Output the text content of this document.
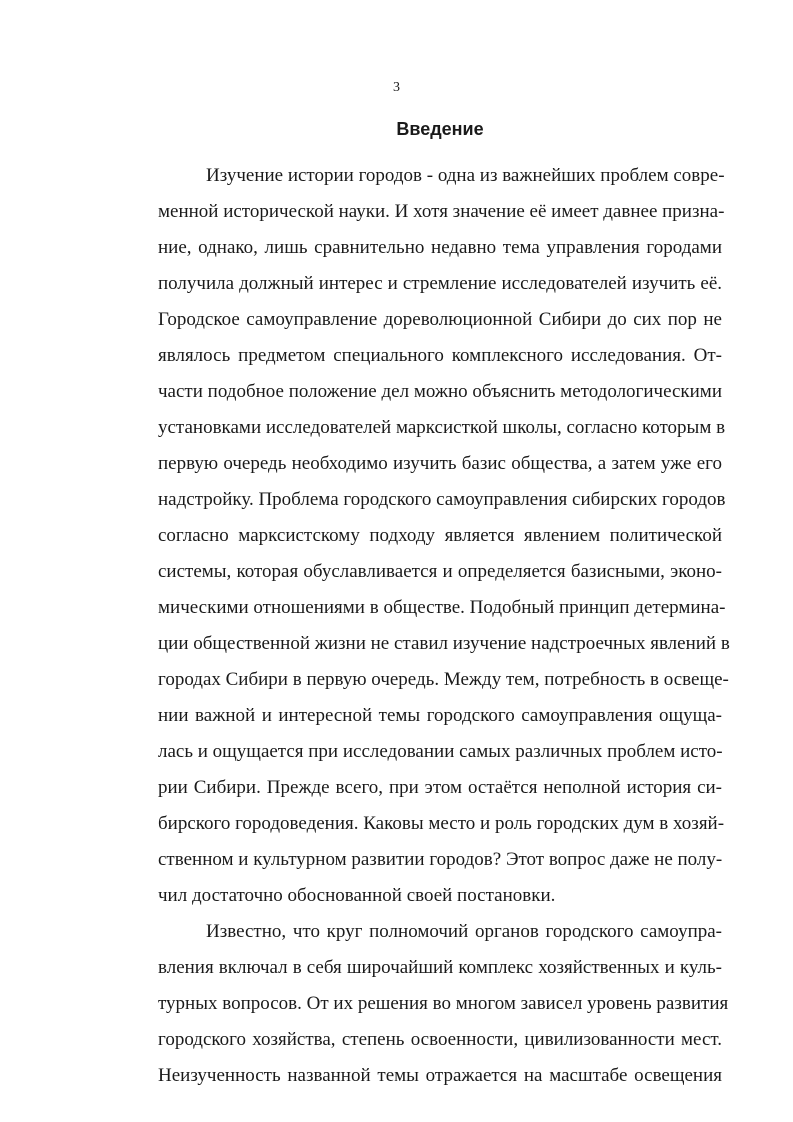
3
Введение
Изучение истории городов - одна из важнейших проблем совре-
менной исторической науки. И хотя значение её имеет давнее призна-
ние, однако, лишь сравнительно недавно тема управления городами
получила должный интерес и стремление исследователей изучить её.
Городское самоуправление дореволюционной Сибири до сих пор не
являлось предметом специального комплексного исследования. От-
части подобное положение дел можно объяснить методологическими
установками исследователей марксисткой школы, согласно которым в
первую очередь необходимо изучить базис общества, а затем уже его
надстройку. Проблема городского самоуправления сибирских городов
согласно марксистскому подходу является явлением политической
системы, которая обуславливается и определяется базисными, эконо-
мическими отношениями в обществе. Подобный принцип детермина-
ции общественной жизни не ставил изучение надстроечных явлений в
городах Сибири в первую очередь. Между тем, потребность в освеще-
нии важной и интересной темы городского самоуправления ощуща-
лась и ощущается при исследовании самых различных проблем исто-
рии Сибири. Прежде всего, при этом остаётся неполной история си-
бирского городоведения. Каковы место и роль городских дум в хозяй-
ственном и культурном развитии городов? Этот вопрос даже не полу-
чил достаточно обоснованной своей постановки.
Известно, что круг полномочий органов городского самоупра-
вления включал в себя широчайший комплекс хозяйственных и куль-
турных вопросов. От их решения во многом зависел уровень развития
городского хозяйства, степень освоенности, цивилизованности мест.
Неизученность названной темы отражается на масштабе освещения
